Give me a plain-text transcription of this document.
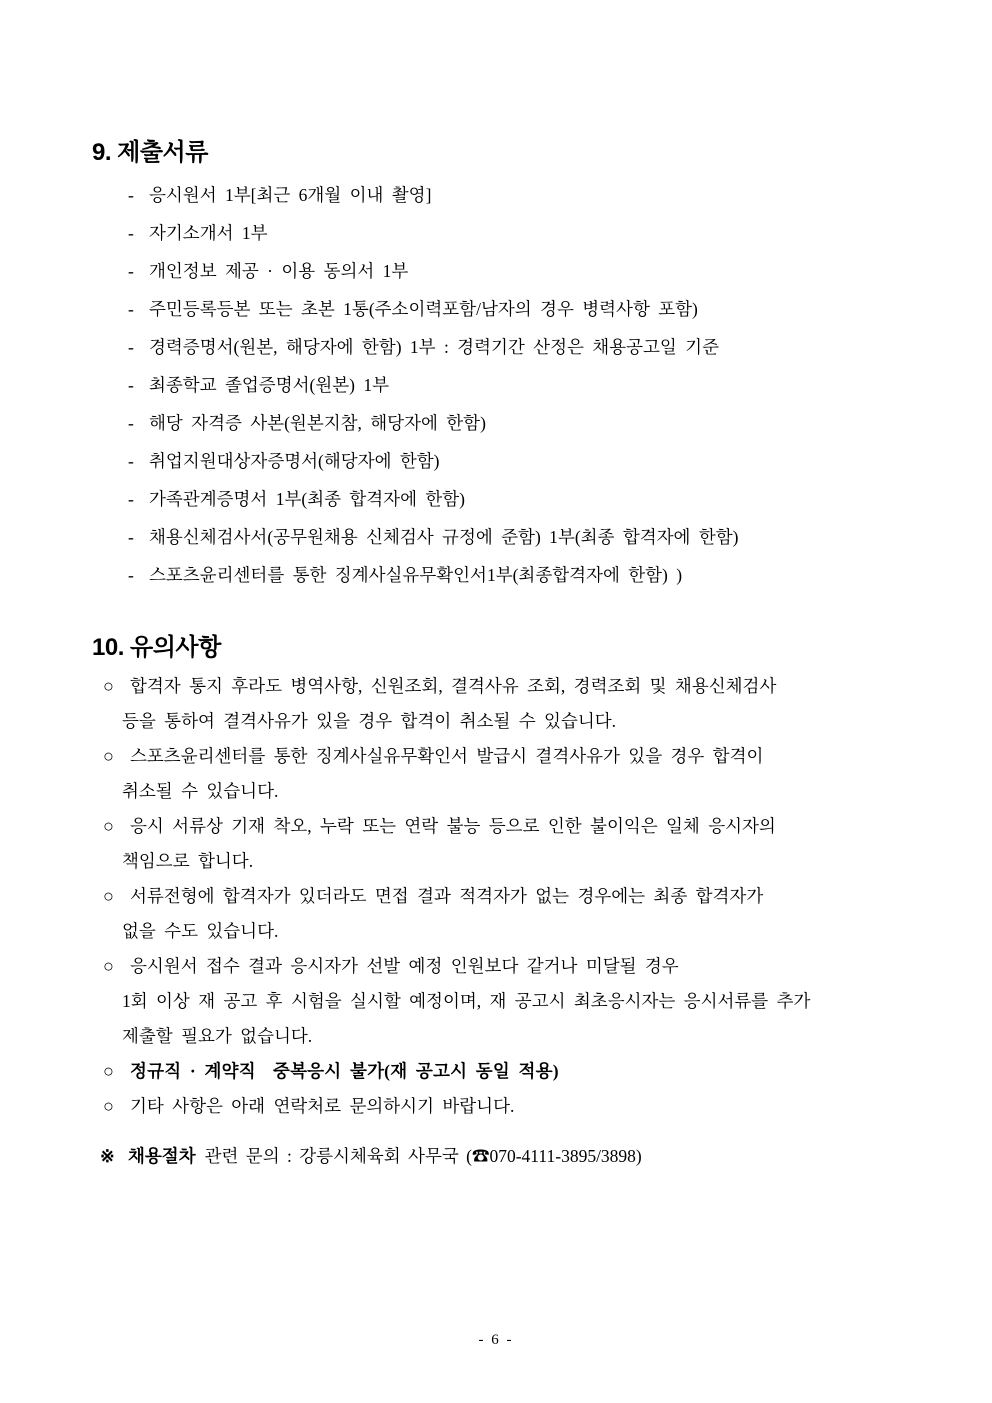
9. 제출서류
- 응시원서 1부[최근 6개월 이내 촬영]
- 자기소개서 1부
- 개인정보 제공 · 이용 동의서 1부
- 주민등록등본 또는 초본 1통(주소이력포함/남자의 경우 병력사항 포함)
- 경력증명서(원본, 해당자에 한함) 1부 : 경력기간 산정은 채용공고일 기준
- 최종학교 졸업증명서(원본) 1부
- 해당 자격증 사본(원본지참, 해당자에 한함)
- 취업지원대상자증명서(해당자에 한함)
- 가족관계증명서 1부(최종 합격자에 한함)
- 채용신체검사서(공무원채용 신체검사 규정에 준함) 1부(최종 합격자에 한함)
- 스포츠윤리센터를 통한 징계사실유무확인서1부(최종합격자에 한함) )
10. 유의사항
○ 합격자 통지 후라도 병역사항, 신원조회, 결격사유 조회, 경력조회 및 채용신체검사
등을 통하여 결격사유가 있을 경우 합격이 취소될 수 있습니다.
○ 스포츠윤리센터를 통한 징계사실유무확인서 발급시 결격사유가 있을 경우 합격이
취소될 수 있습니다.
○ 응시 서류상 기재 착오, 누락 또는 연락 불능 등으로 인한 불이익은 일체 응시자의
책임으로 합니다.
○ 서류전형에 합격자가 있더라도 면접 결과 적격자가 없는 경우에는 최종 합격자가
없을 수도 있습니다.
○ 응시원서 접수 결과 응시자가 선발 예정 인원보다 같거나 미달될 경우
1회 이상 재 공고 후 시험을 실시할 예정이며, 재 공고시 최초응시자는 응시서류를 추가
제출할 필요가 없습니다.
○ 정규직 · 계약직  중복응시 불가(재 공고시 동일 적용)
○ 기타 사항은 아래 연락처로 문의하시기 바랍니다.
※ 채용절차 관련 문의 : 강릉시체육회 사무국 (☎070-4111-3895/3898)
- 6 -
